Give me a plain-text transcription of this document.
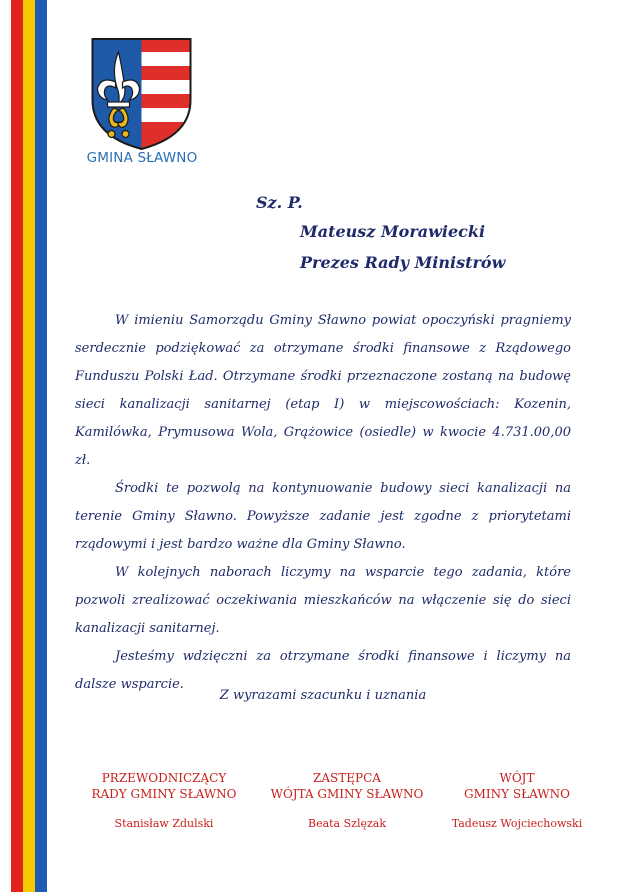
GMINA SŁAWNO
Sz. P.
Mateusz Morawiecki
Prezes Rady Ministrów

W imieniu Samorządu Gminy Sławno powiat opoczyński pragniemy serdecznie podziękować za otrzymane środki finansowe z Rządowego Funduszu Polski Ład. Otrzymane środki przeznaczone zostaną na budowę sieci kanalizacji sanitarnej (etap I) w miejscowościach: Kozenin, Kamilówka, Prymusowa Wola, Grążowice (osiedle) w kwocie 4.731.00,00 zł.

Środki te pozwolą na kontynuowanie budowy sieci kanalizacji na terenie Gminy Sławno. Powyższe zadanie jest zgodne z priorytetami rządowymi i jest bardzo ważne dla Gminy Sławno.

W kolejnych naborach liczymy na wsparcie tego zadania, które pozwoli zrealizować oczekiwania mieszkańców na włączenie się do sieci kanalizacji sanitarnej.

Jesteśmy wdzięczni za otrzymane środki finansowe i liczymy na dalsze wsparcie.

Z wyrazami szacunku i uznania
PRZEWODNICZĄCY
RADY GMINY SŁAWNO
Stanisław Zdulski
ZASTĘPCA
WÓJTA GMINY SŁAWNO
Beata Szlęzak
WÓJT
GMINY SŁAWNO
Tadeusz Wojciechowski
